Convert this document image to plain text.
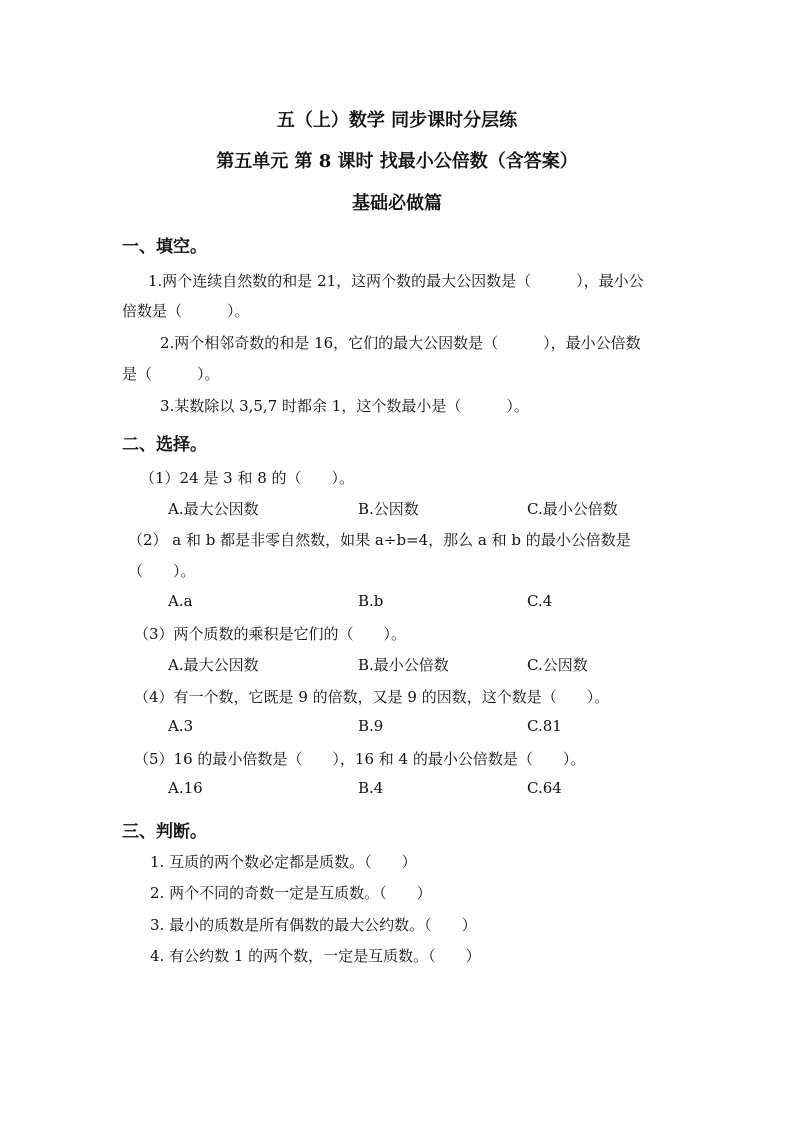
五（上）数学 同步课时分层练
第五单元 第 8 课时 找最小公倍数（含答案）
基础必做篇
一、填空。
1.两个连续自然数的和是 21，这两个数的最大公因数是（　　　），最小公
倍数是（　　　）。
2.两个相邻奇数的和是 16，它们的最大公因数是（　　　），最小公倍数
是（　　　）。
3.某数除以 3,5,7 时都余 1，这个数最小是（　　　）。
二、选择。
（1）24 是 3 和 8 的（　　）。
A.最大公因数	B.公因数	C.最小公倍数
（2） a 和 b 都是非零自然数，如果 a÷b=4，那么 a 和 b 的最小公倍数是
（　　）。
A.a	B.b	C.4
（3）两个质数的乘积是它们的（　　）。
A.最大公因数	B.最小公倍数	C.公因数
（4）有一个数，它既是 9 的倍数，又是 9 的因数，这个数是（　　）。
A.3	B.9	C.81
（5）16 的最小倍数是（　　），16 和 4 的最小公倍数是（　　）。
A.16	B.4	C.64
三、判断。
1. 互质的两个数必定都是质数。（　　）
2. 两个不同的奇数一定是互质数。（　　）
3. 最小的质数是所有偶数的最大公约数。（　　）
4. 有公约数 1 的两个数，一定是互质数。（　　）
